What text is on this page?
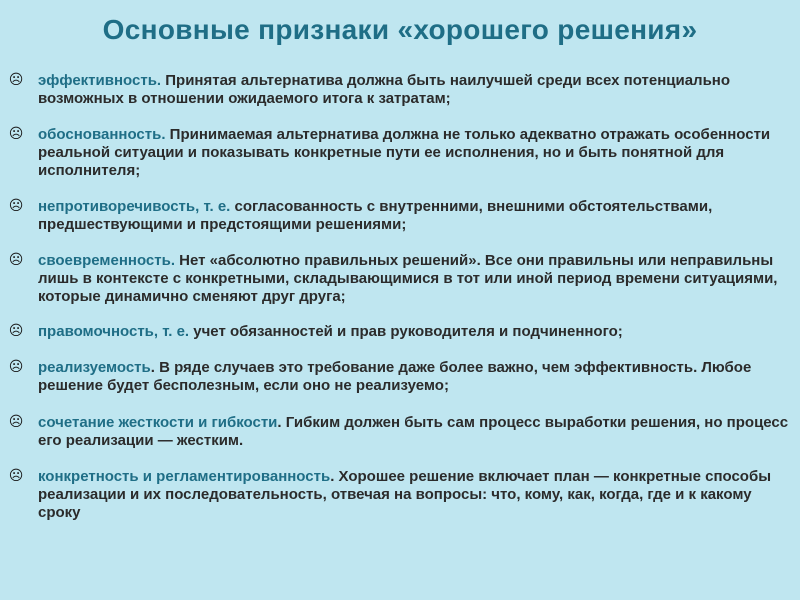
Основные признаки «хорошего решения»
☹ эффективность. Принятая альтернатива должна быть наилучшей среди всех потенциально возможных в отношении ожидаемого итога к затратам;
☹ обоснованность. Принимаемая альтернатива должна не только адекватно отражать особенности реальной ситуации и показывать конкретные пути ее исполнения, но и быть понятной для исполнителя;
☹ непротиворечивость, т. е. согласованность с внутренними, внешними обстоятельствами, предшествующими и предстоящими решениями;
☹ своевременность. Нет «абсолютно правильных решений». Все они правильны или неправильны лишь в контексте с конкретными, складывающимися в тот или иной период времени ситуациями, которые динамично сменяют друг друга;
☹ правомочность, т. е. учет обязанностей и прав руководителя и подчиненного;
☹ реализуемость. В ряде случаев это требование даже более важно, чем эффективность. Любое решение будет бесполезным, если оно не реализуемо;
☹ сочетание жесткости и гибкости. Гибким должен быть сам процесс выработки решения, но процесс его реализации — жестким.
☹ конкретность и регламентированность. Хорошее решение включает план — конкретные способы реализации и их последовательность, отвечая на вопросы: что, кому, как, когда, где и к какому сроку
